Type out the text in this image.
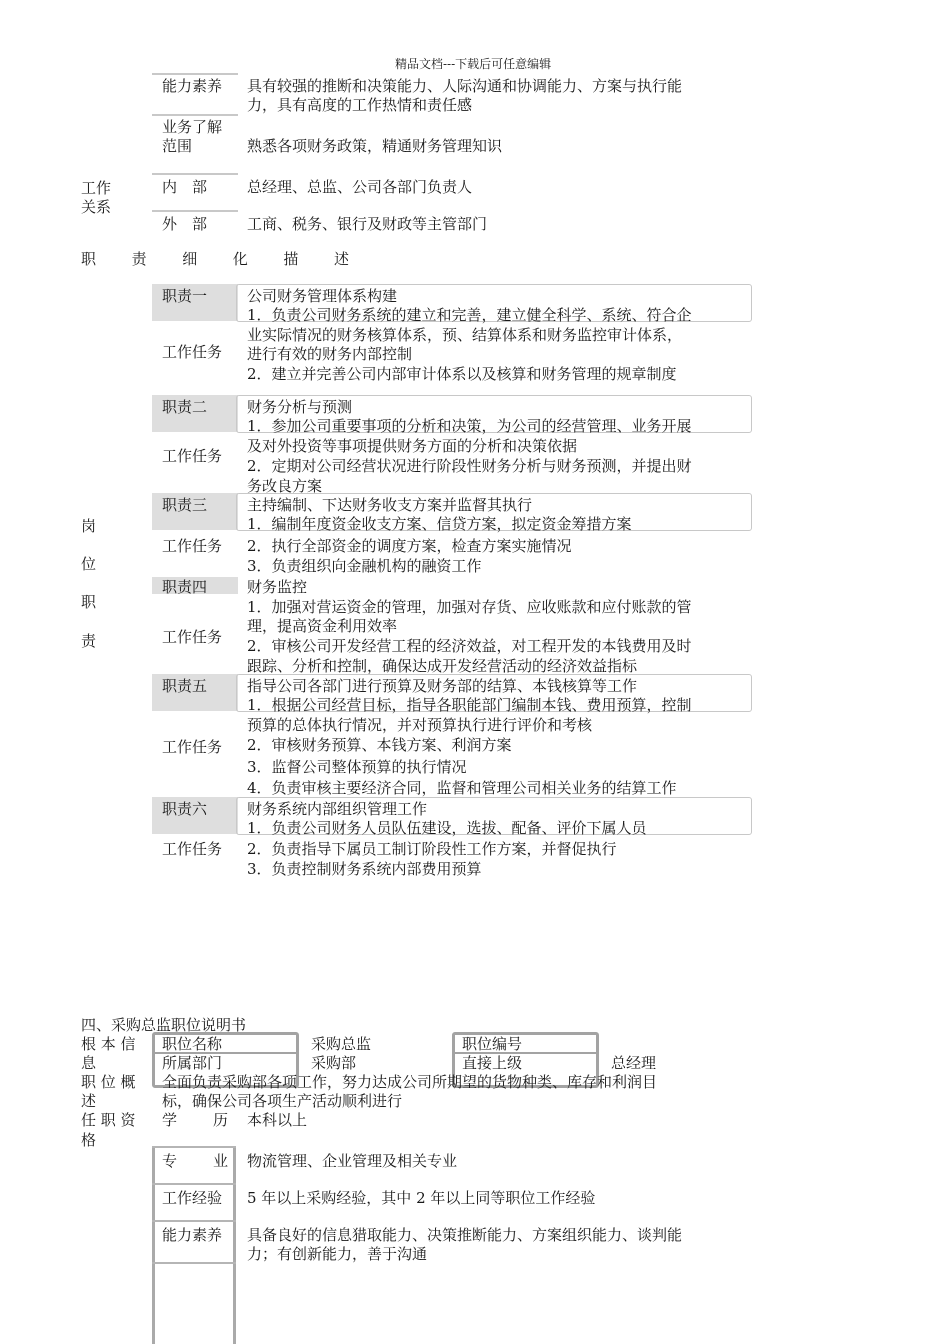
精品文档---下载后可任意编辑
能力素养 具有较强的推断和决策能力、人际沟通和协调能力、方案与执行能
力，具有高度的工作热情和责任感
业务了解
范围	熟悉各项财务政策，精通财务管理知识
工作
关系
内　部	总经理、总监、公司各部门负责人
外　部	工商、税务、银行及财政等主管部门
职 责 细 化 描 述
岗
位
职
责
职责一	公司财务管理体系构建
工作任务
1．负责公司财务系统的建立和完善，建立健全科学、系统、符合企
业实际情况的财务核算体系，预、结算体系和财务监控审计体系，
进行有效的财务内部控制
2．建立并完善公司内部审计体系以及核算和财务管理的规章制度
职责二	财务分析与预测
工作任务
1．参加公司重要事项的分析和决策，为公司的经营管理、业务开展
及对外投资等事项提供财务方面的分析和决策依据
2．定期对公司经营状况进行阶段性财务分析与财务预测，并提出财
务改良方案
职责三	主持编制、下达财务收支方案并监督其执行
工作任务
1．编制年度资金收支方案、信贷方案，拟定资金筹措方案
2．执行全部资金的调度方案，检查方案实施情况
3．负责组织向金融机构的融资工作
职责四	财务监控
工作任务
1．加强对营运资金的管理，加强对存货、应收账款和应付账款的管
理，提高资金利用效率
2．审核公司开发经营工程的经济效益，对工程开发的本钱费用及时
跟踪、分析和控制，确保达成开发经营活动的经济效益指标
职责五	指导公司各部门进行预算及财务部的结算、本钱核算等工作
工作任务
1．根据公司经营目标，指导各职能部门编制本钱、费用预算，控制
预算的总体执行情况，并对预算执行进行评价和考核
2．审核财务预算、本钱方案、利润方案
3．监督公司整体预算的执行情况
4．负责审核主要经济合同，监督和管理公司相关业务的结算工作
职责六	财务系统内部组织管理工作
工作任务
1．负责公司财务人员队伍建设，选拔、配备、评价下属人员
2．负责指导下属员工制订阶段性工作方案，并督促执行
3．负责控制财务系统内部费用预算
四、采购总监职位说明书
根 本 信
息
职位名称	采购总监	职位编号
所属部门	采购部	直接上级	总经理
职 位 概
述
全面负责采购部各项工作，努力达成公司所期望的货物种类、库存和利润目
标，确保公司各项生产活动顺利进行
任 职 资
格
学 历 本科以上
专 业 物流管理、企业管理及相关专业
工作经验 5 年以上采购经验，其中 2 年以上同等职位工作经验
能力素养 具备良好的信息猎取能力、决策推断能力、方案组织能力、谈判能
力；有创新能力，善于沟通
